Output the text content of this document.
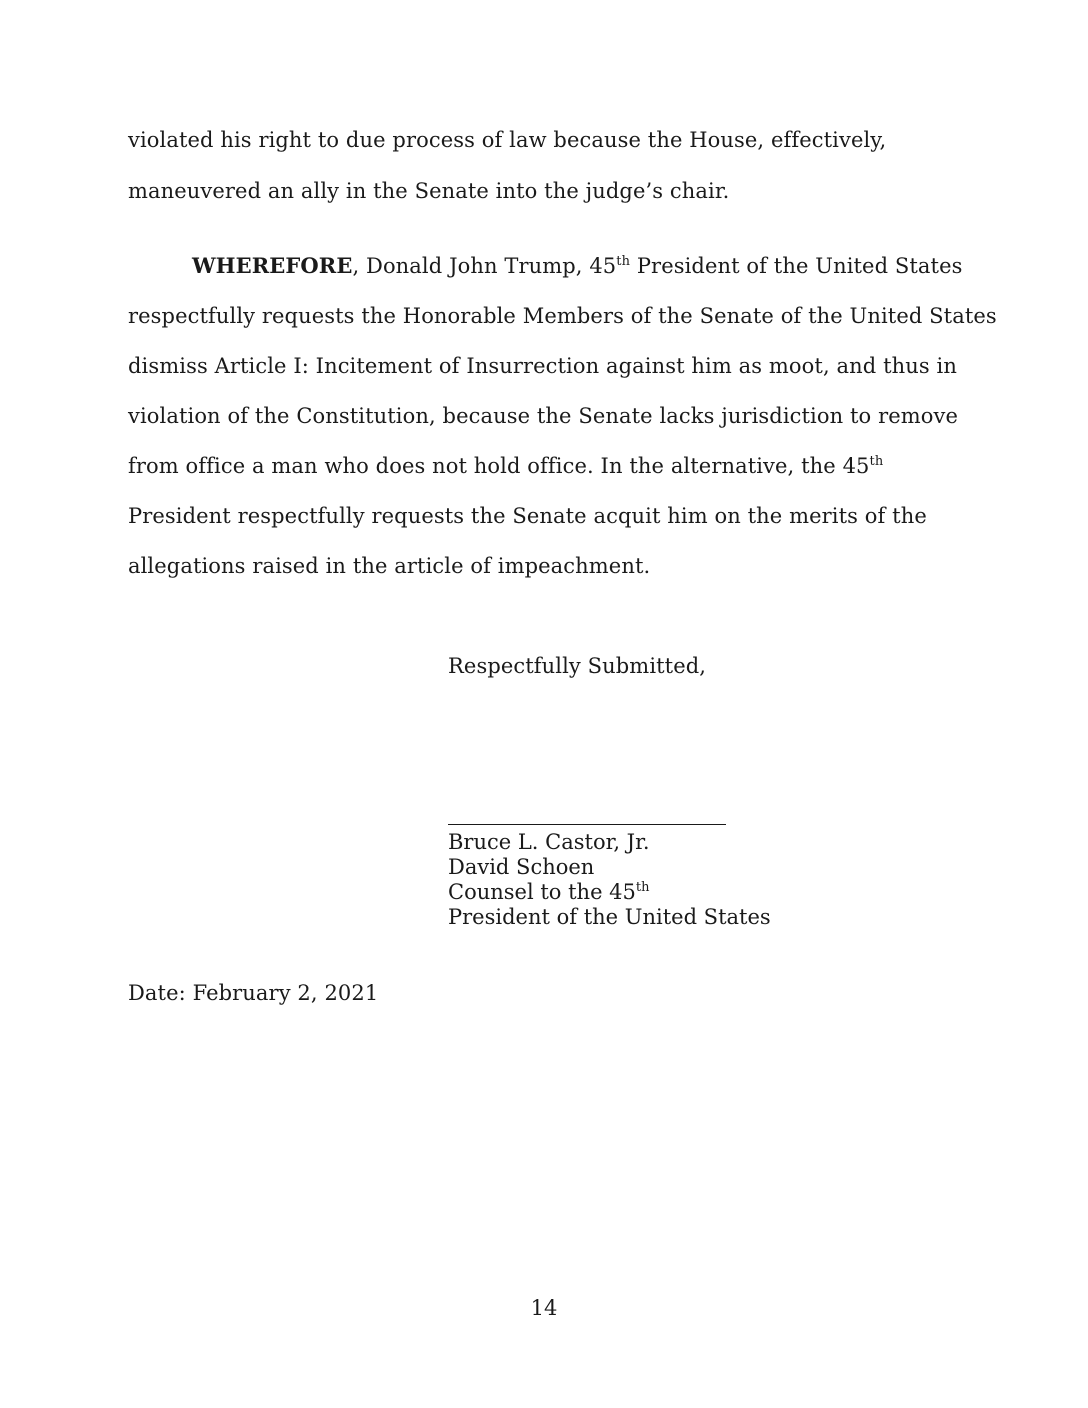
violated his right to due process of law because the House, effectively,
maneuvered an ally in the Senate into the judge’s chair.
WHEREFORE, Donald John Trump, 45th President of the United States
respectfully requests the Honorable Members of the Senate of the United States
dismiss Article I: Incitement of Insurrection against him as moot, and thus in
violation of the Constitution, because the Senate lacks jurisdiction to remove
from office a man who does not hold office. In the alternative, the 45th
President respectfully requests the Senate acquit him on the merits of the
allegations raised in the article of impeachment.
Respectfully Submitted,
Bruce L. Castor, Jr.
David Schoen
Counsel to the 45th
President of the United States
Date: February 2, 2021
14
